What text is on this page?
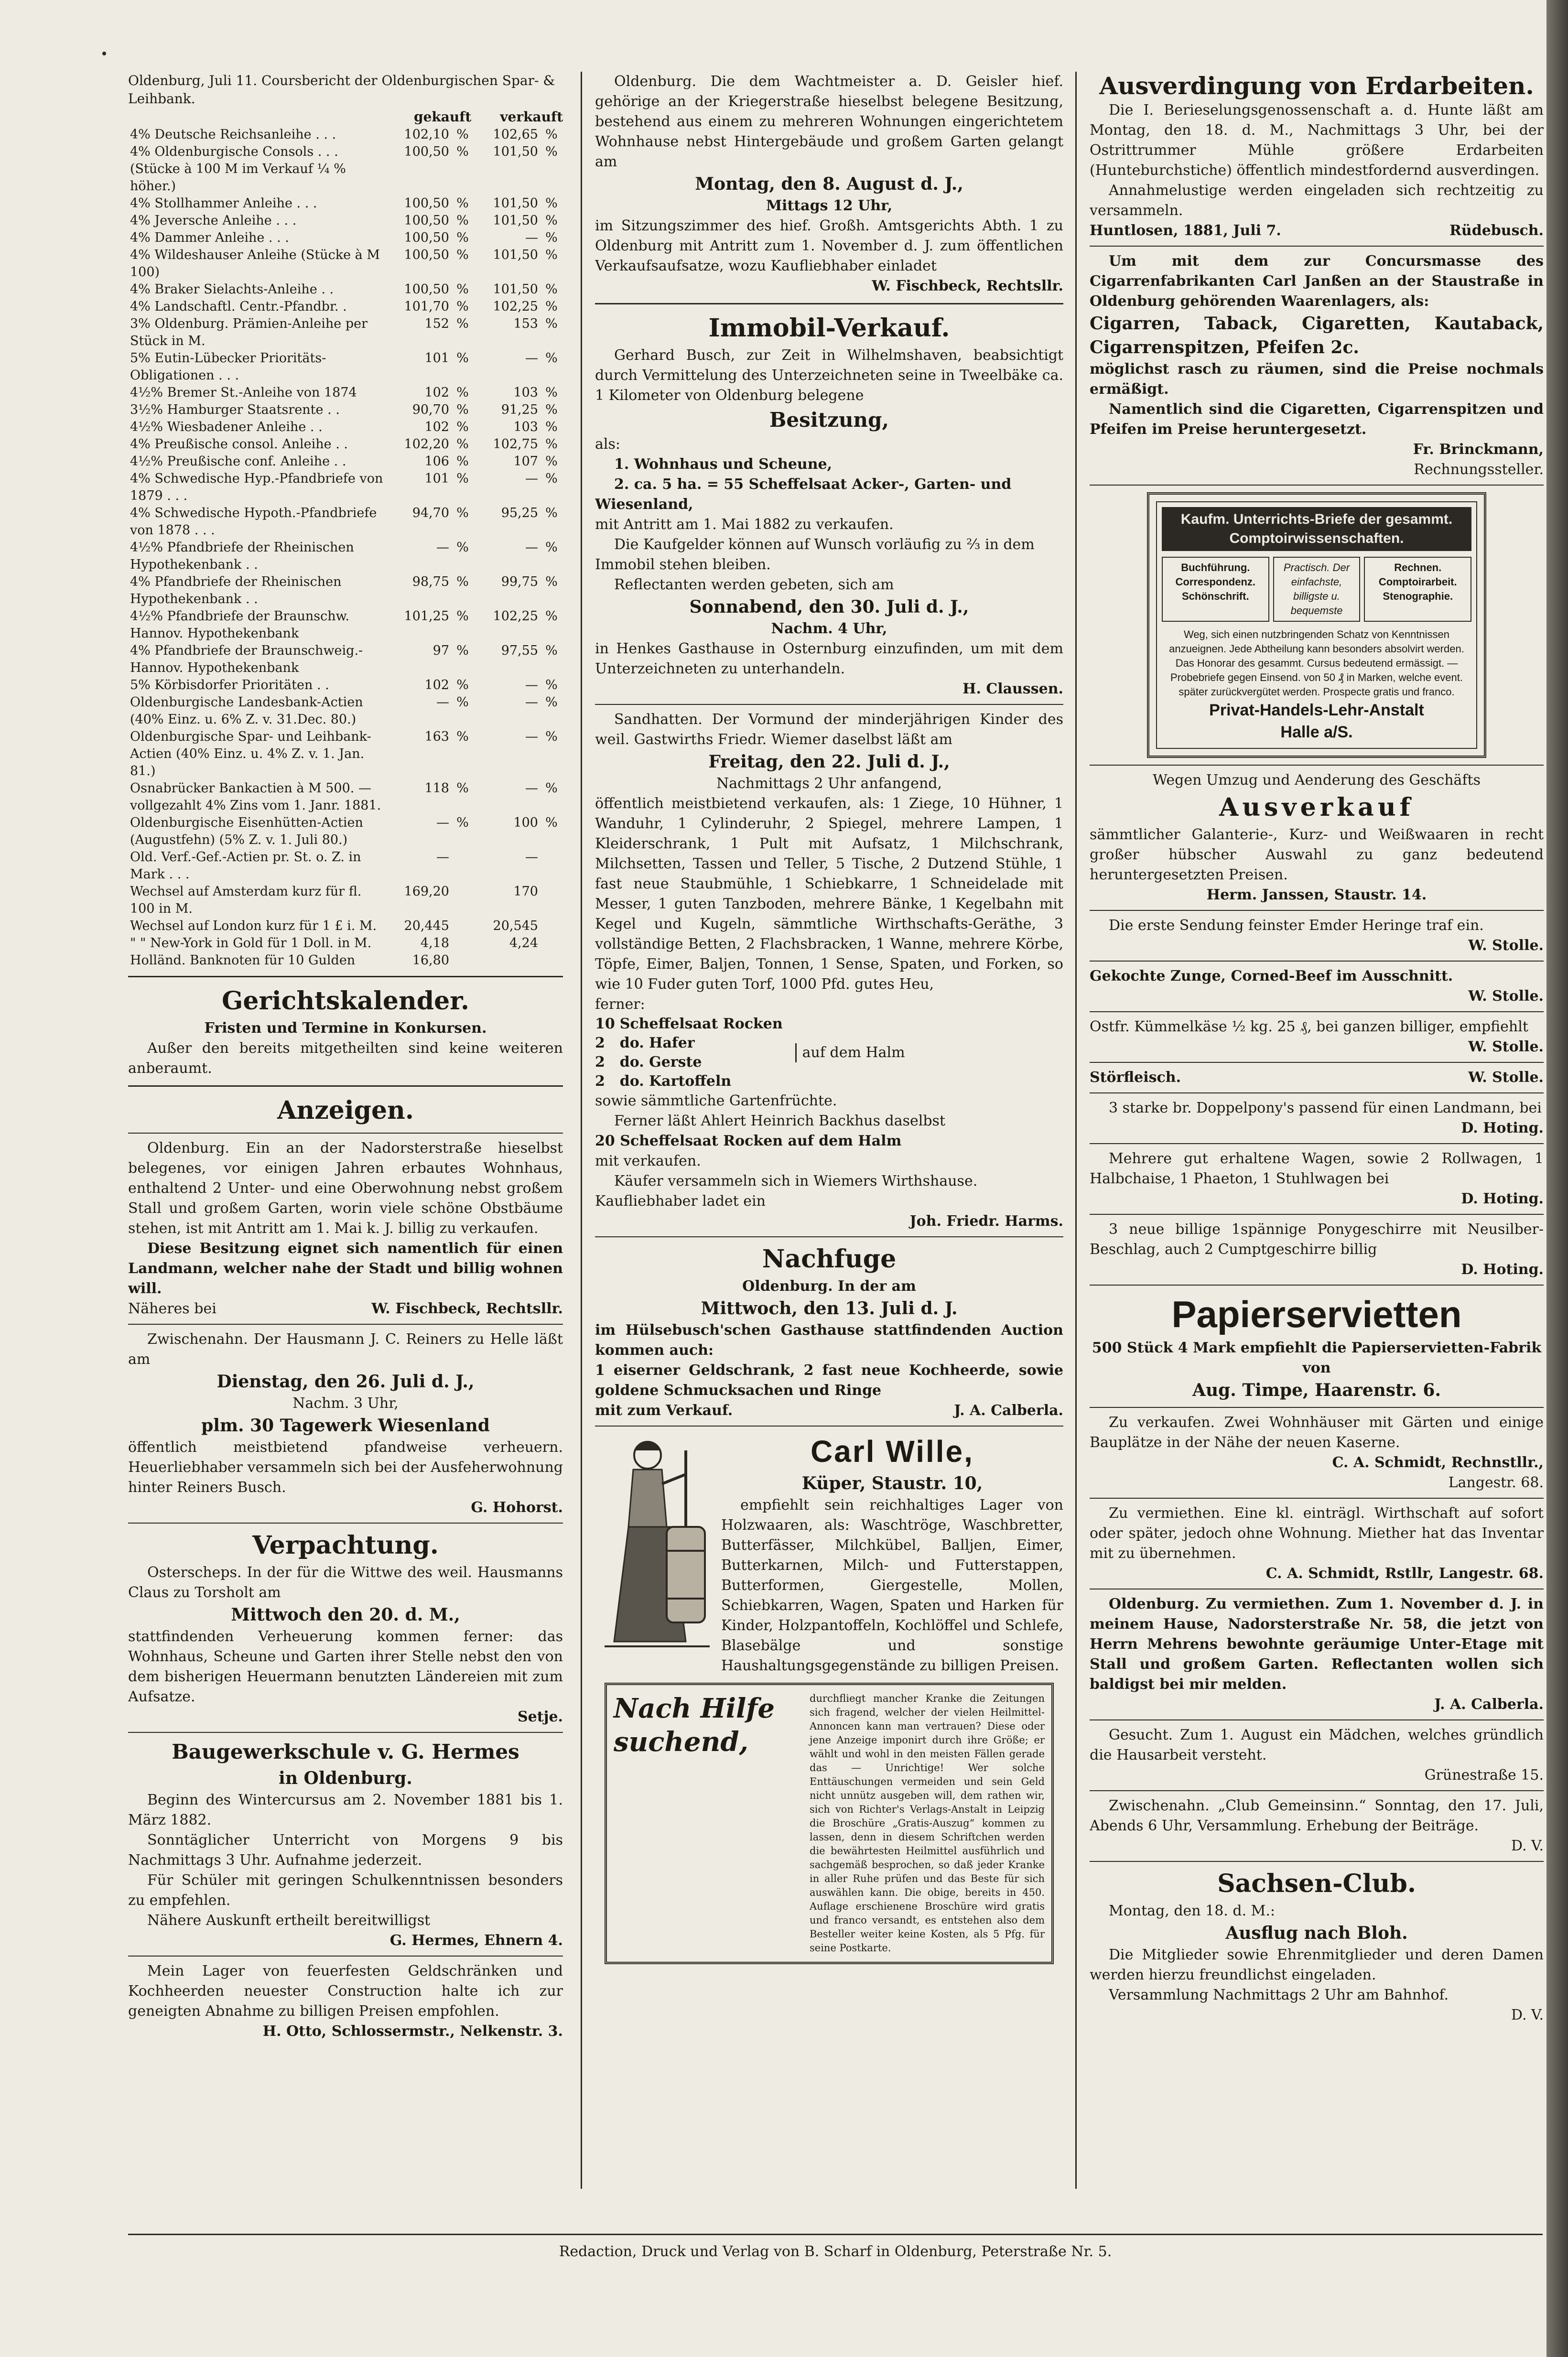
Oldenburg, Juli 11. Coursbericht der Oldenburgischen Spar- & Leihbank.
gekauft verkauft
4% Deutsche Reichsanleihe . . .	102,10	%	102,65	%
4% Oldenburgische Consols . . .	100,50	%	101,50	%
(Stücke à 100 M im Verkauf ¼ % höher.)				
4% Stollhammer Anleihe . . .	100,50	%	101,50	%
4% Jeversche Anleihe . . .	100,50	%	101,50	%
4% Dammer Anleihe . . .	100,50	%	—	%
4% Wildeshauser Anleihe (Stücke à M 100)	100,50	%	101,50	%
4% Braker Sielachts-Anleihe . .	100,50	%	101,50	%
4% Landschaftl. Centr.-Pfandbr. .	101,70	%	102,25	%
3% Oldenburg. Prämien-Anleihe per Stück in M.	152	%	153	%
5% Eutin-Lübecker Prioritäts-Obligationen . . .	101	%	—	%
4½% Bremer St.-Anleihe von 1874	102	%	103	%
3½% Hamburger Staatsrente . .	90,70	%	91,25	%
4½% Wiesbadener Anleihe . .	102	%	103	%
4% Preußische consol. Anleihe . .	102,20	%	102,75	%
4½% Preußische conf. Anleihe . .	106	%	107	%
4% Schwedische Hyp.-Pfandbriefe von 1879 . . .	101	%	—	%
4% Schwedische Hypoth.-Pfandbriefe von 1878 . . .	94,70	%	95,25	%
4½% Pfandbriefe der Rheinischen Hypothekenbank . .	—	%	—	%
4% Pfandbriefe der Rheinischen Hypothekenbank . .	98,75	%	99,75	%
4½% Pfandbriefe der Braunschw. Hannov. Hypothekenbank	101,25	%	102,25	%
4% Pfandbriefe der Braunschweig.-Hannov. Hypothekenbank	97	%	97,55	%
5% Körbisdorfer Prioritäten . .	102	%	—	%
Oldenburgische Landesbank-Actien (40% Einz. u. 6% Z. v. 31.Dec. 80.)	—	%	—	%
Oldenburgische Spar- und Leihbank-Actien (40% Einz. u. 4% Z. v. 1. Jan. 81.)	163	%	—	%
Osnabrücker Bankactien à M 500. — vollgezahlt 4% Zins vom 1. Janr. 1881.	118	%	—	%
Oldenburgische Eisenhütten-Actien (Augustfehn) (5% Z. v. 1. Juli 80.)	—	%	100	%
Old. Verf.-Gef.-Actien pr. St. o. Z. in Mark . . .	—		—	
Wechsel auf Amsterdam kurz für fl. 100 in M.	169,20		170	
Wechsel auf London kurz für 1 £ i. M.	20,445		20,545	
" " New-York in Gold für 1 Doll. in M.	4,18		4,24	
Holländ. Banknoten für 10 Gulden	16,80			

Gerichtskalender.

Fristen und Termine in Konkursen.

Außer den bereits mitgetheilten sind keine weiteren anberaumt.

Anzeigen.

Oldenburg. Ein an der Nadorsterstraße hieselbst belegenes, vor einigen Jahren erbautes Wohnhaus, enthaltend 2 Unter- und eine Oberwohnung nebst großem Stall und großem Garten, worin viele schöne Obstbäume stehen, ist mit Antritt am 1. Mai k. J. billig zu verkaufen.

Diese Besitzung eignet sich namentlich für einen Landmann, welcher nahe der Stadt und billig wohnen will.

Näheres bei	W. Fischbeck, Rechtsllr.

Zwischenahn. Der Hausmann J. C. Reiners zu Helle läßt am

Dienstag, den 26. Juli d. J.,

Nachm. 3 Uhr,

plm. 30 Tagewerk Wiesenland

öffentlich meistbietend pfandweise verheuern. Heuerliebhaber versammeln sich bei der Ausfeherwohnung hinter Reiners Busch.

G. Hohorst.

Verpachtung.

Osterscheps. In der für die Wittwe des weil. Hausmanns Claus zu Torsholt am

Mittwoch den 20. d. M.,

stattfindenden Verheuerung kommen ferner: das Wohnhaus, Scheune und Garten ihrer Stelle nebst den von dem bisherigen Heuermann benutzten Ländereien mit zum Aufsatze.

Setje.

Baugewerkschule v. G. Hermes

in Oldenburg.

Beginn des Wintercursus am 2. November 1881 bis 1. März 1882.

Sonntäglicher Unterricht von Morgens 9 bis Nachmittags 3 Uhr. Aufnahme jederzeit.

Für Schüler mit geringen Schulkenntnissen besonders zu empfehlen.

Nähere Auskunft ertheilt bereitwilligst

G. Hermes, Ehnern 4.

Mein Lager von feuerfesten Geldschränken und Kochheerden neuester Construction halte ich zur geneigten Abnahme zu billigen Preisen empfohlen.

H. Otto, Schlossermstr., Nelkenstr. 3.

Oldenburg. Die dem Wachtmeister a. D. Geisler hief. gehörige an der Kriegerstraße hieselbst belegene Besitzung, bestehend aus einem zu mehreren Wohnungen eingerichtetem Wohnhause nebst Hintergebäude und großem Garten gelangt am

Montag, den 8. August d. J.,

Mittags 12 Uhr,

im Sitzungszimmer des hief. Großh. Amtsgerichts Abth. 1 zu Oldenburg mit Antritt zum 1. November d. J. zum öffentlichen Verkaufsaufsatze, wozu Kaufliebhaber einladet

W. Fischbeck, Rechtsllr.

Immobil-Verkauf.

Gerhard Busch, zur Zeit in Wilhelmshaven, beabsichtigt durch Vermittelung des Unterzeichneten seine in Tweelbäke ca. 1 Kilometer von Oldenburg belegene

Besitzung,

als:

1. Wohnhaus und Scheune,

2. ca. 5 ha. = 55 Scheffelsaat Acker-, Garten- und Wiesenland,

mit Antritt am 1. Mai 1882 zu verkaufen.

Die Kaufgelder können auf Wunsch vorläufig zu ⅔ in dem Immobil stehen bleiben.

Reflectanten werden gebeten, sich am

Sonnabend, den 30. Juli d. J.,

Nachm. 4 Uhr,

in Henkes Gasthause in Osternburg einzufinden, um mit dem Unterzeichneten zu unterhandeln.

H. Claussen.

Sandhatten. Der Vormund der minderjährigen Kinder des weil. Gastwirths Friedr. Wiemer daselbst läßt am

Freitag, den 22. Juli d. J.,

Nachmittags 2 Uhr anfangend,

öffentlich meistbietend verkaufen, als: 1 Ziege, 10 Hühner, 1 Wanduhr, 1 Cylinderuhr, 2 Spiegel, mehrere Lampen, 1 Kleiderschrank, 1 Pult mit Aufsatz, 1 Milchschrank, Milchsetten, Tassen und Teller, 5 Tische, 2 Dutzend Stühle, 1 fast neue Staubmühle, 1 Schiebkarre, 1 Schneidelade mit Messer, 1 guten Tanzboden, mehrere Bänke, 1 Kegelbahn mit Kegel und Kugeln, sämmtliche Wirthschafts-Geräthe, 3 vollständige Betten, 2 Flachsbracken, 1 Wanne, mehrere Körbe, Töpfe, Eimer, Baljen, Tonnen, 1 Sense, Spaten, und Forken, so wie 10 Fuder guten Torf, 1000 Pfd. gutes Heu,

ferner:

10	Scheffelsaat Rocken
2	do. Hafer
2	do. Gerste
2	do. Kartoffeln
auf dem Halm

sowie sämmtliche Gartenfrüchte.

Ferner läßt Ahlert Heinrich Backhus daselbst

20 Scheffelsaat Rocken auf dem Halm

mit verkaufen.

Käufer versammeln sich in Wiemers Wirthshause. Kaufliebhaber ladet ein

Joh. Friedr. Harms.

Nachfuge

Oldenburg. In der am

Mittwoch, den 13. Juli d. J.

im Hülsebusch'schen Gasthause stattfindenden Auction kommen auch:

1 eiserner Geldschrank, 2 fast neue Kochheerde, sowie goldene Schmucksachen und Ringe

mit zum Verkauf.	J. A. Calberla.

Carl Wille,

Küper, Staustr. 10,

empfiehlt sein reichhaltiges Lager von Holzwaaren, als: Waschtröge, Waschbretter, Butterfässer, Milchkübel, Balljen, Eimer, Butterkarnen, Milch- und Futterstappen, Butterformen, Giergestelle, Mollen, Schiebkarren, Wagen, Spaten und Harken für Kinder, Holzpantoffeln, Kochlöffel und Schlefe, Blasebälge und sonstige Haushaltungsgegenstände zu billigen Preisen.

Nach Hilfe suchend,

durchfliegt mancher Kranke die Zeitungen sich fragend, welcher der vielen Heilmittel-Annoncen kann man vertrauen? Diese oder jene Anzeige imponirt durch ihre Größe; er wählt und wohl in den meisten Fällen gerade das — Unrichtige! Wer solche Enttäuschungen vermeiden und sein Geld nicht unnütz ausgeben will, dem rathen wir, sich von Richter's Verlags-Anstalt in Leipzig die Broschüre „Gratis-Auszug“ kommen zu lassen, denn in diesem Schriftchen werden die bewährtesten Heilmittel ausführlich und sachgemäß besprochen, so daß jeder Kranke in aller Ruhe prüfen und das Beste für sich auswählen kann. Die obige, bereits in 450. Auflage erschienene Broschüre wird gratis und franco versandt, es entstehen also dem Besteller weiter keine Kosten, als 5 Pfg. für seine Postkarte.

Ausverdingung von Erdarbeiten.

Die I. Berieselungsgenossenschaft a. d. Hunte läßt am Montag, den 18. d. M., Nachmittags 3 Uhr, bei der Ostrittrummer Mühle größere Erdarbeiten (Hunteburchstiche) öffentlich mindestfordernd ausverdingen.

Annahmelustige werden eingeladen sich rechtzeitig zu versammeln.

Huntlosen, 1881, Juli 7.	Rüdebusch.

Um mit dem zur Concursmasse des Cigarrenfabrikanten Carl Janßen an der Staustraße in Oldenburg gehörenden Waarenlagers, als:

Cigarren, Taback, Cigaretten, Kautaback, Cigarrenspitzen, Pfeifen 2c.

möglichst rasch zu räumen, sind die Preise nochmals ermäßigt.

Namentlich sind die Cigaretten, Cigarrenspitzen und Pfeifen im Preise heruntergesetzt.

Fr. Brinckmann,

Rechnungssteller.

Kaufm. Unterrichts-Briefe der gesammt. Comptoirwissenschaften.

Buchführung. Correspondenz. Schönschrift.
Practisch. Der einfachste, billigste u. bequemste
Rechnen. Comptoirarbeit. Stenographie.

Weg, sich einen nutzbringenden Schatz von Kenntnissen anzueignen. Jede Abtheilung kann besonders absolvirt werden. Das Honorar des gesammt. Cursus bedeutend ermässigt. — Probebriefe gegen Einsend. von 50 ₰ in Marken, welche event. später zurückvergütet werden. Prospecte gratis und franco.

Privat-Handels-Lehr-Anstalt

Halle a/S.

Wegen Umzug und Aenderung des Geschäfts

Ausverkauf

sämmtlicher Galanterie-, Kurz- und Weißwaaren in recht großer hübscher Auswahl zu ganz bedeutend heruntergesetzten Preisen.

Herm. Janssen, Staustr. 14.

Die erste Sendung feinster Emder Heringe traf ein.

W. Stolle.

Gekochte Zunge, Corned-Beef im Ausschnitt.

W. Stolle.

Ostfr. Kümmelkäse ½ kg. 25 ₰, bei ganzen billiger, empfiehlt

W. Stolle.

Störfleisch.	W. Stolle.

3 starke br. Doppelpony's passend für einen Landmann, bei

D. Hoting.

Mehrere gut erhaltene Wagen, sowie 2 Rollwagen, 1 Halbchaise, 1 Phaeton, 1 Stuhlwagen bei

D. Hoting.

3 neue billige 1spännige Ponygeschirre mit Neusilber-Beschlag, auch 2 Cumptgeschirre billig

D. Hoting.

Papierservietten

500 Stück 4 Mark empfiehlt die Papierservietten-Fabrik von

Aug. Timpe, Haarenstr. 6.

Zu verkaufen. Zwei Wohnhäuser mit Gärten und einige Bauplätze in der Nähe der neuen Kaserne.

C. A. Schmidt, Rechnstllr.,

Langestr. 68.

Zu vermiethen. Eine kl. einträgl. Wirthschaft auf sofort oder später, jedoch ohne Wohnung. Miether hat das Inventar mit zu übernehmen.

C. A. Schmidt, Rstllr, Langestr. 68.

Oldenburg. Zu vermiethen. Zum 1. November d. J. in meinem Hause, Nadorsterstraße Nr. 58, die jetzt von Herrn Mehrens bewohnte geräumige Unter-Etage mit Stall und großem Garten. Reflectanten wollen sich baldigst bei mir melden.

J. A. Calberla.

Gesucht. Zum 1. August ein Mädchen, welches gründlich die Hausarbeit versteht.

Grünestraße 15.

Zwischenahn. „Club Gemeinsinn.“ Sonntag, den 17. Juli, Abends 6 Uhr, Versammlung. Erhebung der Beiträge.

D. V.

Sachsen-Club.

Montag, den 18. d. M.:

Ausflug nach Bloh.

Die Mitglieder sowie Ehrenmitglieder und deren Damen werden hierzu freundlichst eingeladen.

Versammlung Nachmittags 2 Uhr am Bahnhof.

D. V.

Redaction, Druck und Verlag von B. Scharf in Oldenburg, Peterstraße Nr. 5.
